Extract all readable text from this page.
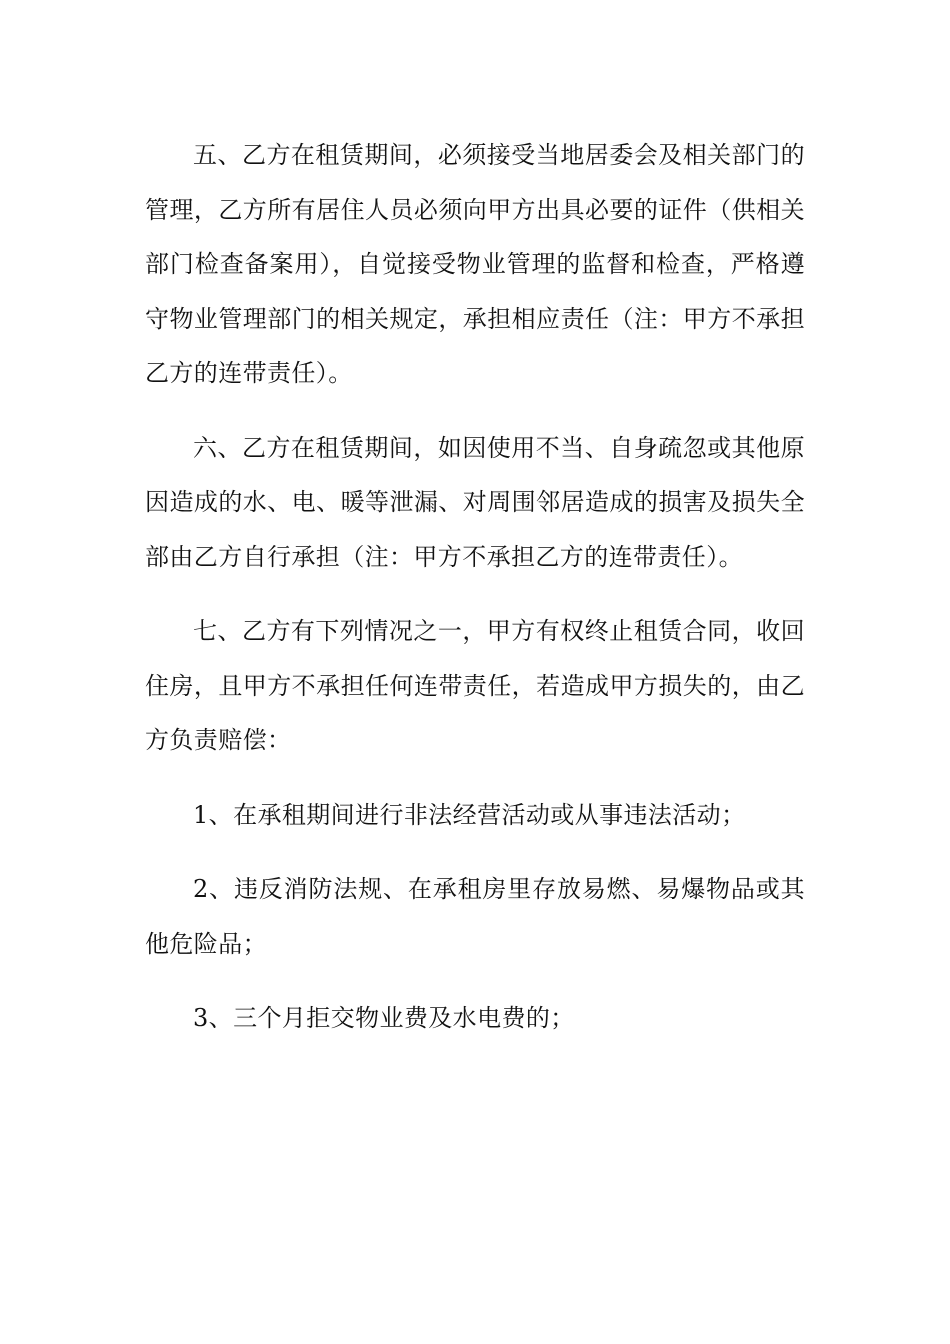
五、乙方在租赁期间，必须接受当地居委会及相关部门的管理，乙方所有居住人员必须向甲方出具必要的证件（供相关部门检查备案用），自觉接受物业管理的监督和检查，严格遵守物业管理部门的相关规定，承担相应责任（注：甲方不承担乙方的连带责任）。

六、乙方在租赁期间，如因使用不当、自身疏忽或其他原因造成的水、电、暖等泄漏、对周围邻居造成的损害及损失全部由乙方自行承担（注：甲方不承担乙方的连带责任）。

七、乙方有下列情况之一，甲方有权终止租赁合同，收回住房，且甲方不承担任何连带责任，若造成甲方损失的，由乙方负责赔偿：

1、在承租期间进行非法经营活动或从事违法活动；

2、违反消防法规、在承租房里存放易燃、易爆物品或其他危险品；

3、三个月拒交物业费及水电费的；
